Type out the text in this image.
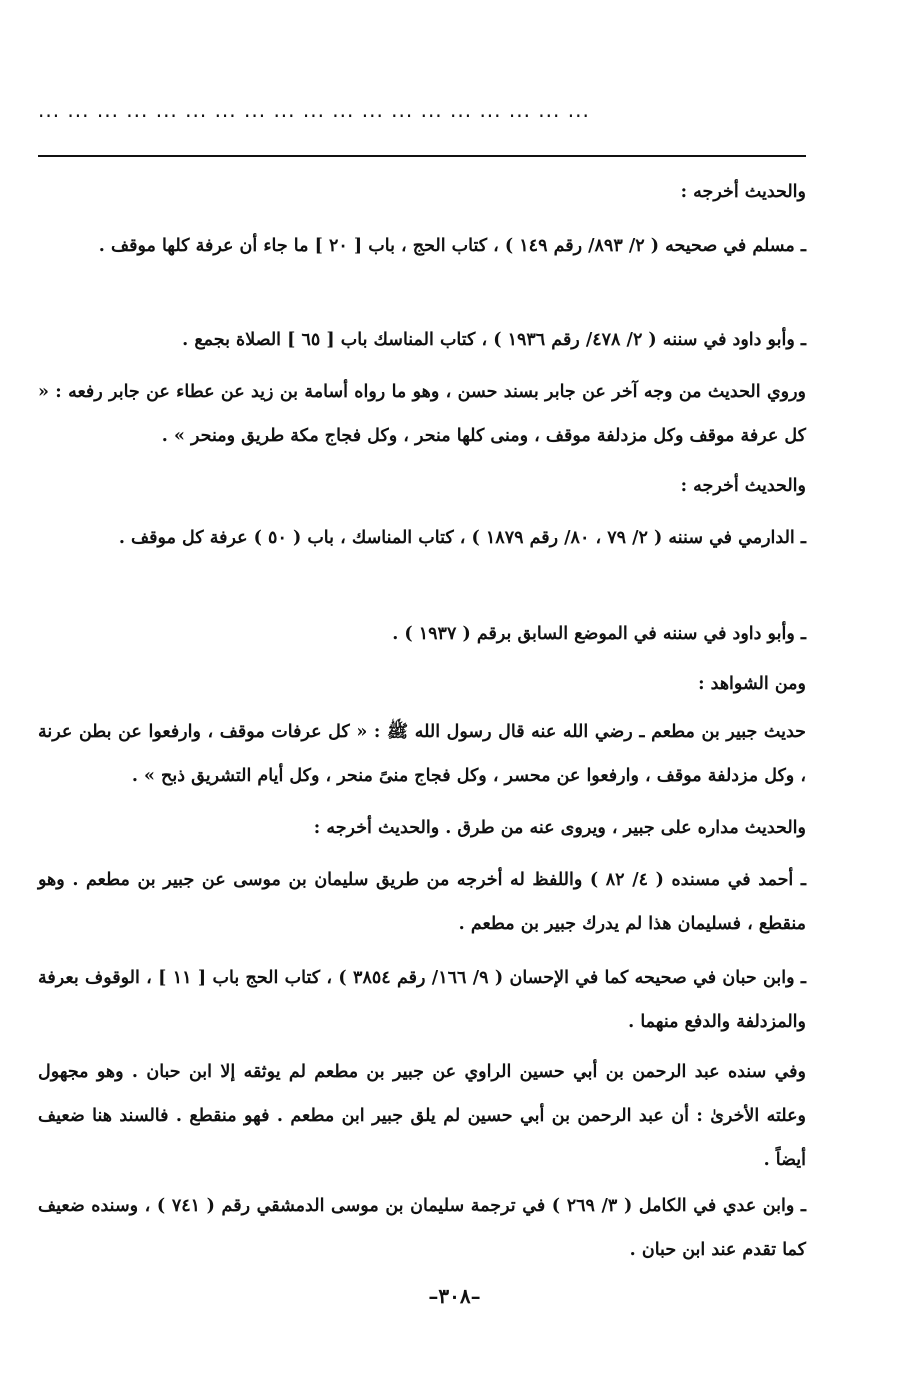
... ... ... ... ... ... ... ... ... ... ... ... ... ... ... ... ... ... ...
والحديث أخرجه :
ـ مسلم في صحيحه ( ٢/ ٨٩٣/ رقم ١٤٩ ) ، كتاب الحج ، باب [ ٢٠ ] ما جاء أن عرفة كلها موقف .
ـ وأبو داود في سننه ( ٢/ ٤٧٨/ رقم ١٩٣٦ ) ، كتاب المناسك باب [ ٦٥ ] الصلاة بجمع .
وروي الحديث من وجه آخر عن جابر بسند حسن ، وهو ما رواه أسامة بن زيد عن عطاء عن جابر رفعه : « كل عرفة موقف وكل مزدلفة موقف ، ومنى كلها منحر ، وكل فجاج مكة طريق ومنحر » .
والحديث أخرجه :
ـ الدارمي في سننه ( ٢/ ٧٩ ، ٨٠/ رقم ١٨٧٩ ) ، كتاب المناسك ، باب ( ٥٠ ) عرفة كل موقف .
ـ وأبو داود في سننه في الموضع السابق برقم ( ١٩٣٧ ) .
ومن الشواهد :
حديث جبير بن مطعم ـ رضي الله عنه قال رسول الله ﷺ : « كل عرفات موقف ، وارفعوا عن بطن عرنة ، وكل مزدلفة موقف ، وارفعوا عن محسر ، وكل فجاج منىً منحر ، وكل أيام التشريق ذبح » .
والحديث مداره على جبير ، ويروى عنه من طرق . والحديث أخرجه :
ـ أحمد في مسنده ( ٤/ ٨٢ ) واللفظ له أخرجه من طريق سليمان بن موسى عن جبير بن مطعم . وهو منقطع ، فسليمان هذا لم يدرك جبير بن مطعم .
ـ وابن حبان في صحيحه كما في الإحسان ( ٩/ ١٦٦/ رقم ٣٨٥٤ ) ، كتاب الحج باب [ ١١ ] ، الوقوف بعرفة والمزدلفة والدفع منهما .
وفي سنده عبد الرحمن بن أبي حسين الراوي عن جبير بن مطعم لم يوثقه إلا ابن حبان . وهو مجهول وعلته الأخرىٰ : أن عبد الرحمن بن أبي حسين لم يلق جبير ابن مطعم . فهو منقطع . فالسند هنا ضعيف أيضاً .
ـ وابن عدي في الكامل ( ٣/ ٢٦٩ ) في ترجمة سليمان بن موسى الدمشقي رقم ( ٧٤١ ) ، وسنده ضعيف كما تقدم عند ابن حبان .
–٣٠٨–
